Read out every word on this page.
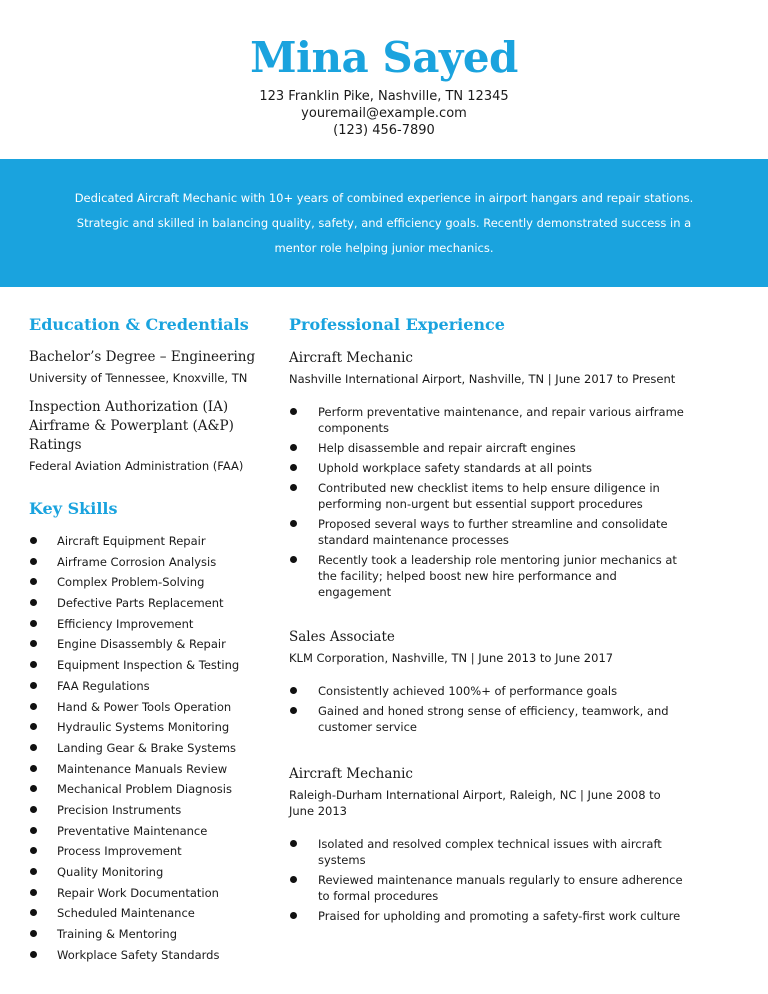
Mina Sayed
123 Franklin Pike, Nashville, TN 12345
youremail@example.com
(123) 456-7890

Dedicated Aircraft Mechanic with 10+ years of combined experience in airport hangars and repair stations. Strategic and skilled in balancing quality, safety, and efficiency goals. Recently demonstrated success in a mentor role helping junior mechanics.

Education & Credentials
Bachelor’s Degree – Engineering
University of Tennessee, Knoxville, TN
Inspection Authorization (IA)
Airframe & Powerplant (A&P) Ratings
Federal Aviation Administration (FAA)
Key Skills
Aircraft Equipment Repair
Airframe Corrosion Analysis
Complex Problem-Solving
Defective Parts Replacement
Efficiency Improvement
Engine Disassembly & Repair
Equipment Inspection & Testing
FAA Regulations
Hand & Power Tools Operation
Hydraulic Systems Monitoring
Landing Gear & Brake Systems
Maintenance Manuals Review
Mechanical Problem Diagnosis
Precision Instruments
Preventative Maintenance
Process Improvement
Quality Monitoring
Repair Work Documentation
Scheduled Maintenance
Training & Mentoring
Workplace Safety Standards
Professional Experience
Aircraft Mechanic
Nashville International Airport, Nashville, TN | June 2017 to Present
Perform preventative maintenance, and repair various airframe components
Help disassemble and repair aircraft engines
Uphold workplace safety standards at all points
Contributed new checklist items to help ensure diligence in performing non-urgent but essential support procedures
Proposed several ways to further streamline and consolidate standard maintenance processes
Recently took a leadership role mentoring junior mechanics at the facility; helped boost new hire performance and engagement
Sales Associate
KLM Corporation, Nashville, TN | June 2013 to June 2017
Consistently achieved 100%+ of performance goals
Gained and honed strong sense of efficiency, teamwork, and customer service
Aircraft Mechanic
Raleigh-Durham International Airport, Raleigh, NC | June 2008 to June 2013
Isolated and resolved complex technical issues with aircraft systems
Reviewed maintenance manuals regularly to ensure adherence to formal procedures
Praised for upholding and promoting a safety-first work culture
